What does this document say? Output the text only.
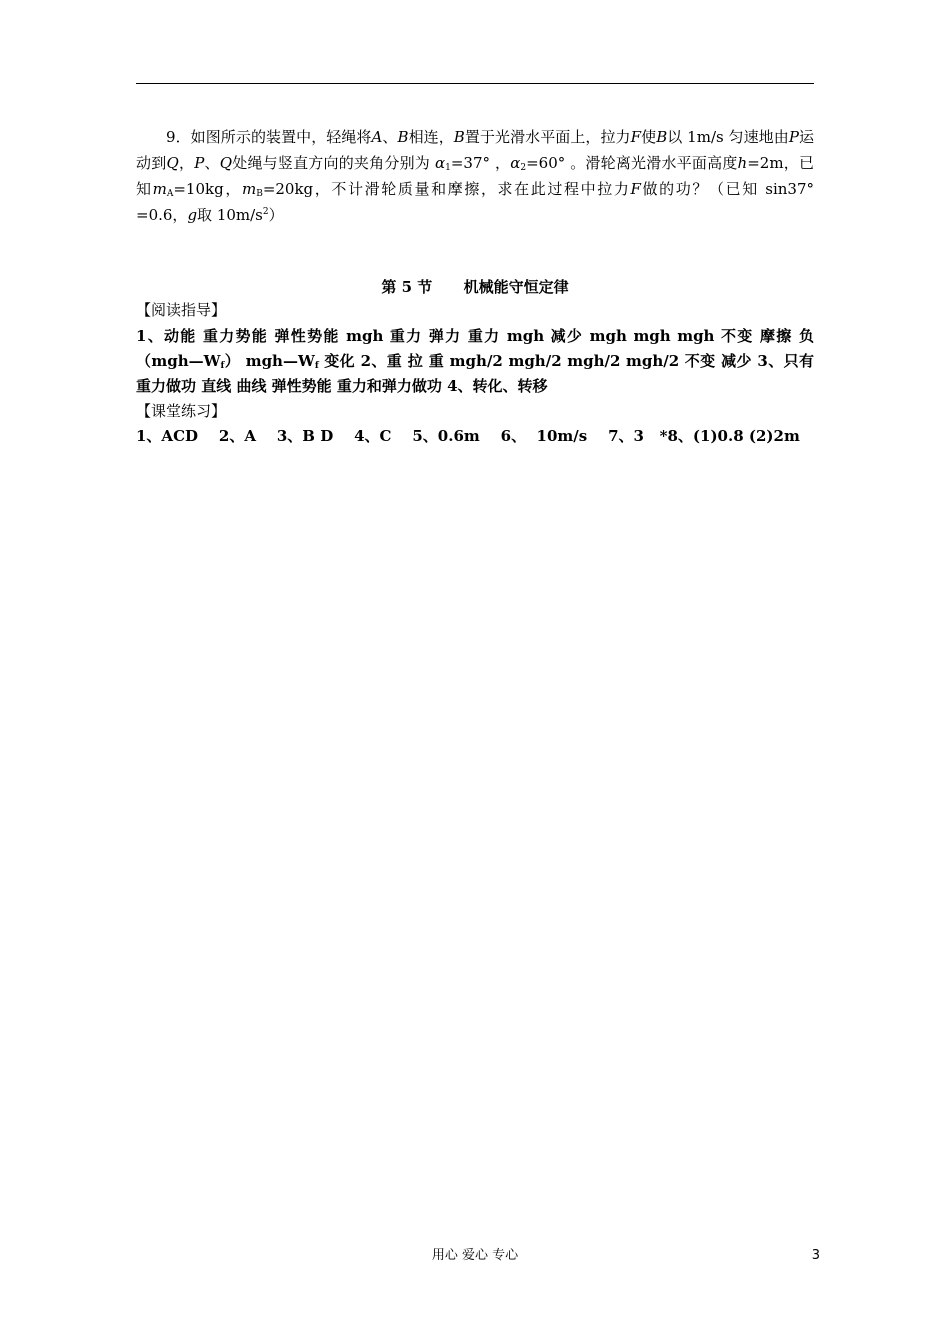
9．如图所示的装置中，轻绳将A、B相连，B置于光滑水平面上，拉力F使B以 1m/s 匀速地由P运动到Q，P、Q处绳与竖直方向的夹角分别为 $\alpha_1=37^\circ$ ，$\alpha_2=60^\circ$ 。滑轮离光滑水平面高度h=2m，已知$m_A=10kg$，$m_B=20kg$，不计滑轮质量和摩擦，求在此过程中拉力F做的功？（已知 sin37° =0.6，g取 $10m/s^2$）

第 5 节      机械能守恒定律

【阅读指导】

1、动能 重力势能 弹性势能 mgh 重力 弹力 重力 mgh 减少 mgh mgh mgh 不变 摩擦 负 $(mgh—W_f)$ $mgh—W_f$ 变化 2、重 拉 重 mgh/2 mgh/2 mgh/2 mgh/2 不变 减少 3、只有重力做功 直线 曲线 弹性势能 重力和弹力做功 4、转化、转移

【课堂练习】

1、ACD    2、A    3、B D    4、C    5、0.6m    6、  10m/s    7、3   *8、(1)0.8 (2)2m

用心 爱心 专心	3
